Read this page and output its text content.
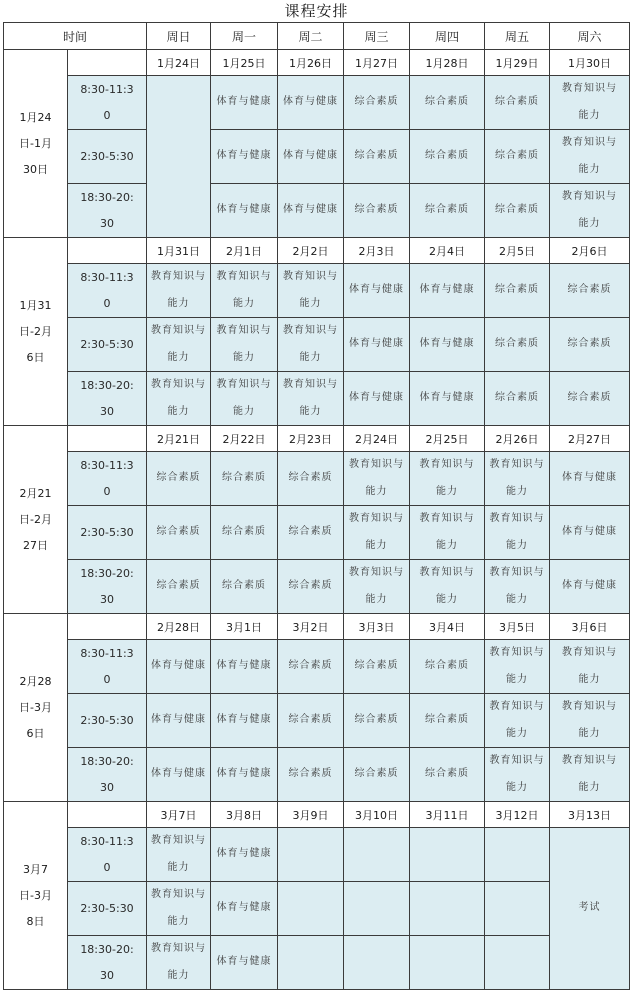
课程安排
时间		周日	周一	周二	周三	周四	周五	周六
1月24日-1月30日		1月24日	1月25日	1月26日	1月27日	1月28日	1月29日	1月30日
	8:30-11:30		体育与健康	体育与健康	综合素质	综合素质	综合素质	教育知识与能力
	2:30-5:30		体育与健康	体育与健康	综合素质	综合素质	综合素质	教育知识与能力
	18:30-20:30		体育与健康	体育与健康	综合素质	综合素质	综合素质	教育知识与能力
1月31日-2月6日		1月31日	2月1日	2月2日	2月3日	2月4日	2月5日	2月6日
	8:30-11:30	教育知识与能力	教育知识与能力	教育知识与能力	体育与健康	体育与健康	综合素质	综合素质
	2:30-5:30	教育知识与能力	教育知识与能力	教育知识与能力	体育与健康	体育与健康	综合素质	综合素质
	18:30-20:30	教育知识与能力	教育知识与能力	教育知识与能力	体育与健康	体育与健康	综合素质	综合素质
2月21日-2月27日		2月21日	2月22日	2月23日	2月24日	2月25日	2月26日	2月27日
	8:30-11:30	综合素质	综合素质	综合素质	教育知识与能力	教育知识与能力	教育知识与能力	体育与健康
	2:30-5:30	综合素质	综合素质	综合素质	教育知识与能力	教育知识与能力	教育知识与能力	体育与健康
	18:30-20:30	综合素质	综合素质	综合素质	教育知识与能力	教育知识与能力	教育知识与能力	体育与健康
2月28日-3月6日		2月28日	3月1日	3月2日	3月3日	3月4日	3月5日	3月6日
	8:30-11:30	体育与健康	体育与健康	综合素质	综合素质	综合素质	教育知识与能力	教育知识与能力
	2:30-5:30	体育与健康	体育与健康	综合素质	综合素质	综合素质	教育知识与能力	教育知识与能力
	18:30-20:30	体育与健康	体育与健康	综合素质	综合素质	综合素质	教育知识与能力	教育知识与能力
3月7日-3月8日		3月7日	3月8日	3月9日	3月10日	3月11日	3月12日	3月13日
	8:30-11:30	教育知识与能力	体育与健康					考试
	2:30-5:30	教育知识与能力	体育与健康					
	18:30-20:30	教育知识与能力	体育与健康					
